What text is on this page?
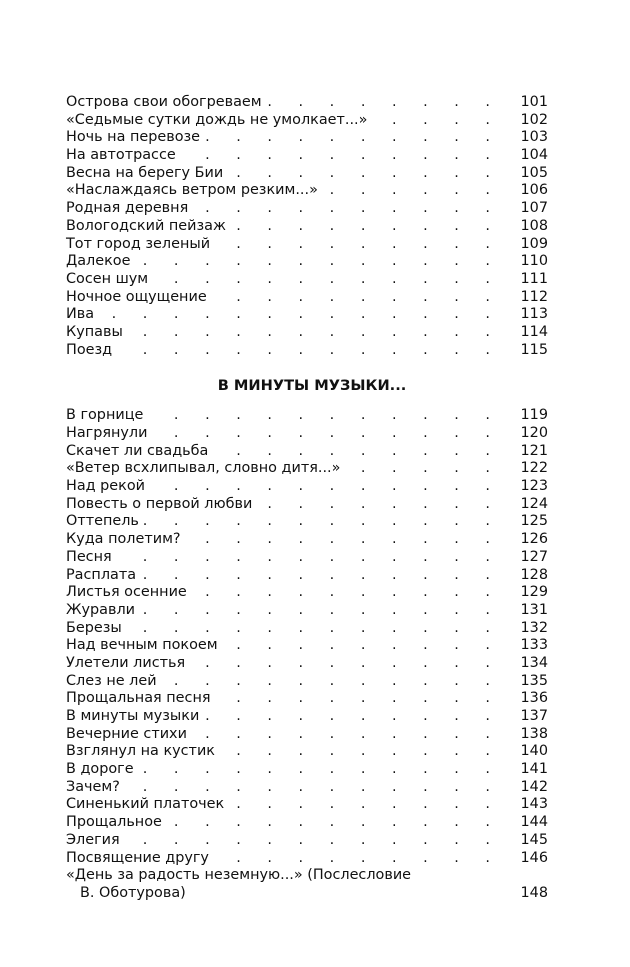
Острова свои обогреваем . . .	101
«Седьмые сутки дождь не умолкает...» . . .	102
Ночь на перевозе . . .	103
На автотрассе . . .	104
Весна на берегу Бии . . .	105
«Наслаждаясь ветром резким...» . . .	106
Родная деревня . . .	107
Вологодский пейзаж . . .	108
Тот город зеленый . . .	109
Далекое . . .	110
Сосен шум . . .	111
Ночное ощущение . . .	112
Ива . . .	113
Купавы . . .	114
Поезд . . .	115
В МИНУТЫ МУЗЫКИ...
В горнице . . .	119
Нагрянули . . .	120
Скачет ли свадьба . . .	121
«Ветер всхлипывал, словно дитя...» . . .	122
Над рекой . . .	123
Повесть о первой любви . . .	124
Оттепель . . .	125
Куда полетим? . . .	126
Песня . . .	127
Расплата . . .	128
Листья осенние . . .	129
Журавли . . .	131
Березы . . .	132
Над вечным покоем . . .	133
Улетели листья . . .	134
Слез не лей . . .	135
Прощальная песня . . .	136
В минуты музыки . . .	137
Вечерние стихи . . .	138
Взглянул на кустик . . .	140
В дороге . . .	141
Зачем? . . .	142
Синенький платочек . . .	143
Прощальное . . .	144
Элегия . . .	145
Посвящение другу . . .	146
«День за радость неземную...» (Послесловие
В. Оботурова) . . .	148
